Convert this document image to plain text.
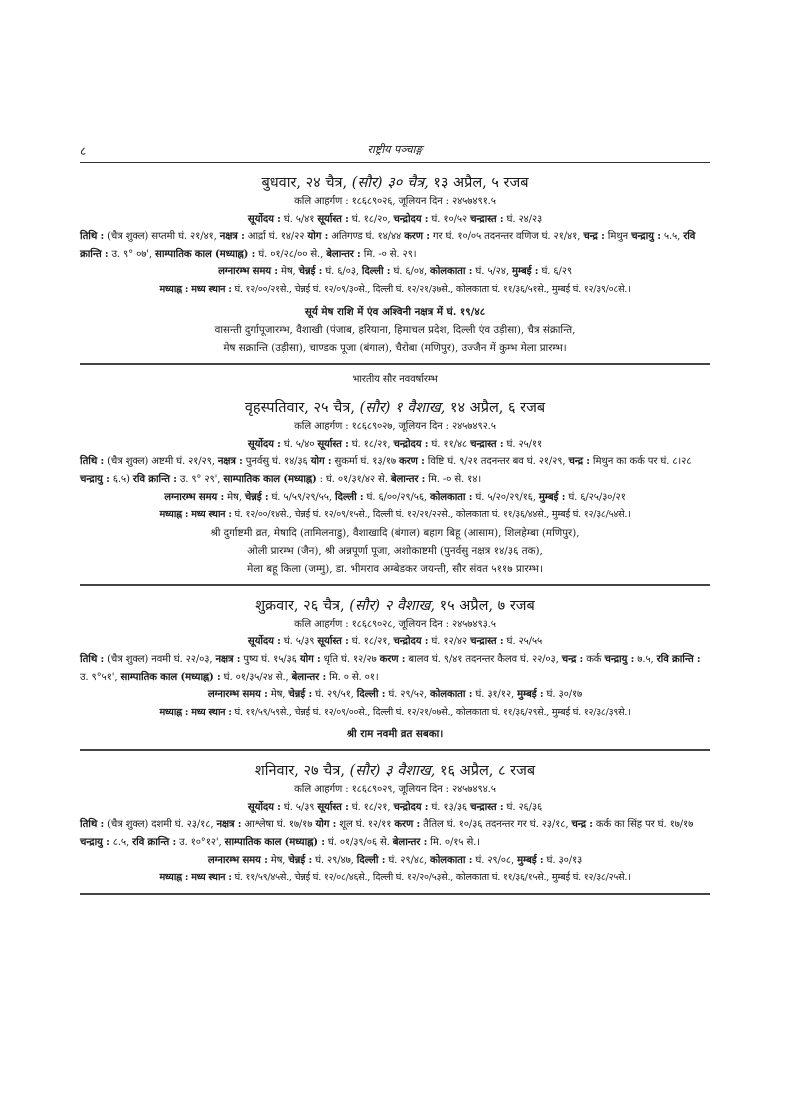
८	राष्ट्रीय पञ्चाङ्ग
बुधवार, २४ चैत्र, (सौर) ३० चैत्र, १३ अप्रैल, ५ रजब
कलि आहर्गण : १८६८९०२६, जूलियन दिन : २४५७४९१.५
सूर्योदय : घं. ५/४१ सूर्यास्त : घं. १८/२०, चन्द्रोदय : घं. १०/५२ चन्द्रास्त : घं. २४/२३
तिथि : (चैत्र शुक्ल) सप्तमी घं. २१/४१, नक्षत्र : आर्द्रा घं. १४/२२ योग : अतिगण्ड घं. १४/४४ करण : गर घं. १०/०५ तदनन्तर वणिज घं. २१/४१, चन्द्र : मिथुन चन्द्रायु : ५.५, रवि क्रान्ति : उ. ९° ०७', साम्पातिक काल (मध्याह्न) : घं. ०१/२८/०० से., बेलान्तर : मि. -० से. २९।
लग्नारम्भ समय : मेष, चेन्नई : घं. ६/०३, दिल्ली : घं. ६/०४, कोलकाता : घं. ५/२४, मुम्बई : घं. ६/२९
मध्याह्न : मध्य स्थान : घं. १२/००/२१से., चेन्नई घं. १२/०९/३०से., दिल्ली घं. १२/२१/३७से., कोलकाता घं. ११/३६/५१से., मुम्बई घं. १२/३९/०८से.।
सूर्य मेष राशि में एंव अश्विनी नक्षत्र में घं. १९/४८
वासन्ती दुर्गापूजारम्भ, वैशाखी (पंजाब, हरियाना, हिमाचल प्रदेश, दिल्ली एंव उड़ीसा), चैत्र संक्रान्ति,
मेष सक्रान्ति (उड़ीसा), चाण्डक पूजा (बंगाल), चैरोबा (मणिपुर), उज्जैन में कुम्भ मेला प्रारम्भ।
भारतीय सौर नववर्षारम्भ
वृहस्पतिवार, २५ चैत्र, (सौर) १ वैशाख, १४ अप्रैल, ६ रजब
कलि आहर्गण : १८६८९०२७, जूलियन दिन : २४५७४९२.५
सूर्योदय : घं. ५/४० सूर्यास्त : घं. १८/२१, चन्द्रोदय : घं. ११/४८ चन्द्रास्त : घं. २५/११
तिथि : (चैत्र शुक्ल) अष्टमी घं. २१/२९, नक्षत्र : पुनर्वसु घं. १४/३६ योग : सुकर्मा घं. १३/१७ करण : विष्टि घं. ९/२१ तदनन्तर बव घं. २१/२९, चन्द्र : मिथुन का कर्क पर घं. ८।२८ चन्द्रायु : ६.५) रवि क्रान्ति : उ. ९° २९', साम्पातिक काल (मध्याह्न) : घं. ०१/३१/४२ से. बेलान्तर : मि. -० से. १४।
लग्नारम्भ समय : मेष, चेन्नई : घं. ५/५९/२९/५५, दिल्ली : घं. ६/००/२९/५६, कोलकाता : घं. ५/२०/२९/१६, मुम्बई : घं. ६/२५/३०/२१
मध्याह्न : मध्य स्थान : घं. १२/००/१४से., चेन्नई घं. १२/०९/१५से., दिल्ली घं. १२/२१/२२से., कोलकाता घं. ११/३६/४४से., मुम्बई घं. १२/३८/५४से.।
श्री दुर्गाष्टमी व्रत, मेषादि (तामिलनाडु), वैशाखादि (बंगाल) बहाग बिहू (आसाम), शिलहेम्बा (मणिपुर),
ओली प्रारम्भ (जैन), श्री अन्नपूर्णा पूजा, अशोकाष्टमी (पुनर्वसु नक्षत्र १४/३६ तक),
मेला बहू किला (जम्मु), डा. भीमराव अम्बेडकर जयन्ती, सौर संवत ५११७ प्रारम्भ।
शुक्रवार, २६ चैत्र, (सौर) २ वैशाख, १५ अप्रैल, ७ रजब
कलि आहर्गण : १८६८९०२८, जूलियन दिन : २४५७४९३.५
सूर्योदय : घं. ५/३९ सूर्यास्त : घं. १८/२१, चन्द्रोदय : घं. १२/४२ चन्द्रास्त : घं. २५/५५
तिथि : (चैत्र शुक्ल) नवमी घं. २२/०३, नक्षत्र : पुष्य घं. १५/३६ योग : धृति घं. १२/२७ करण : बालव घं. ९/४१ तदनन्तर कैलव घं. २२/०३, चन्द्र : कर्क चन्द्रायु : ७.५, रवि क्रान्ति : उ. ९°५१', साम्पातिक काल (मध्याह्न) : घं. ०१/३५/२४ से., बेलान्तर : मि. ० से. ०१।
लग्नारम्भ समय : मेष, चेन्नई : घं. २९/५१, दिल्ली : घं. २९/५२, कोलकाता : घं. ३१/१२, मुम्बई : घं. ३०/१७
मध्याह्न : मध्य स्थान : घं. ११/५९/५९से., चेन्नई घं. १२/०९/००से., दिल्ली घं. १२/२१/०७से., कोलकाता घं. ११/३६/२९से., मुम्बई घं. १२/३८/३९से.।
श्री राम नवमी व्रत सबका।
शनिवार, २७ चैत्र, (सौर) ३ वैशाख, १६ अप्रैल, ८ रजब
कलि आहर्गण : १८६८९०२९, जूलियन दिन : २४५७४९४.५
सूर्योदय : घं. ५/३९ सूर्यास्त : घं. १८/२१, चन्द्रोदय : घं. १३/३६ चन्द्रास्त : घं. २६/३६
तिथि : (चैत्र शुक्ल) दशमी घं. २३/१८, नक्षत्र : आश्लेषा घं. १७/१७ योग : शूल घं. १२/११ करण : तैतिल घं. १०/३६ तदनन्तर गर घं. २३/१८, चन्द्र : कर्क का सिंह पर घं. १७/१७ चन्द्रायु : ८.५, रवि क्रान्ति : उ. १०°१२', साम्पातिक काल (मध्याह्न) : घं. ०१/३९/०६ से. बेलान्तर : मि. ०/१५ से.।
लग्नारम्भ समय : मेष, चेन्नई : घं. २९/४७, दिल्ली : घं. २९/४८, कोलकाता : घं. २९/०८, मुम्बई : घं. ३०/१३
मध्याह्न : मध्य स्थान : घं. ११/५९/४५से., चेन्नई घं. १२/०८/४६से., दिल्ली घं. १२/२०/५३से., कोलकाता घं. ११/३६/१५से., मुम्बई घं. १२/३८/२५से.।
